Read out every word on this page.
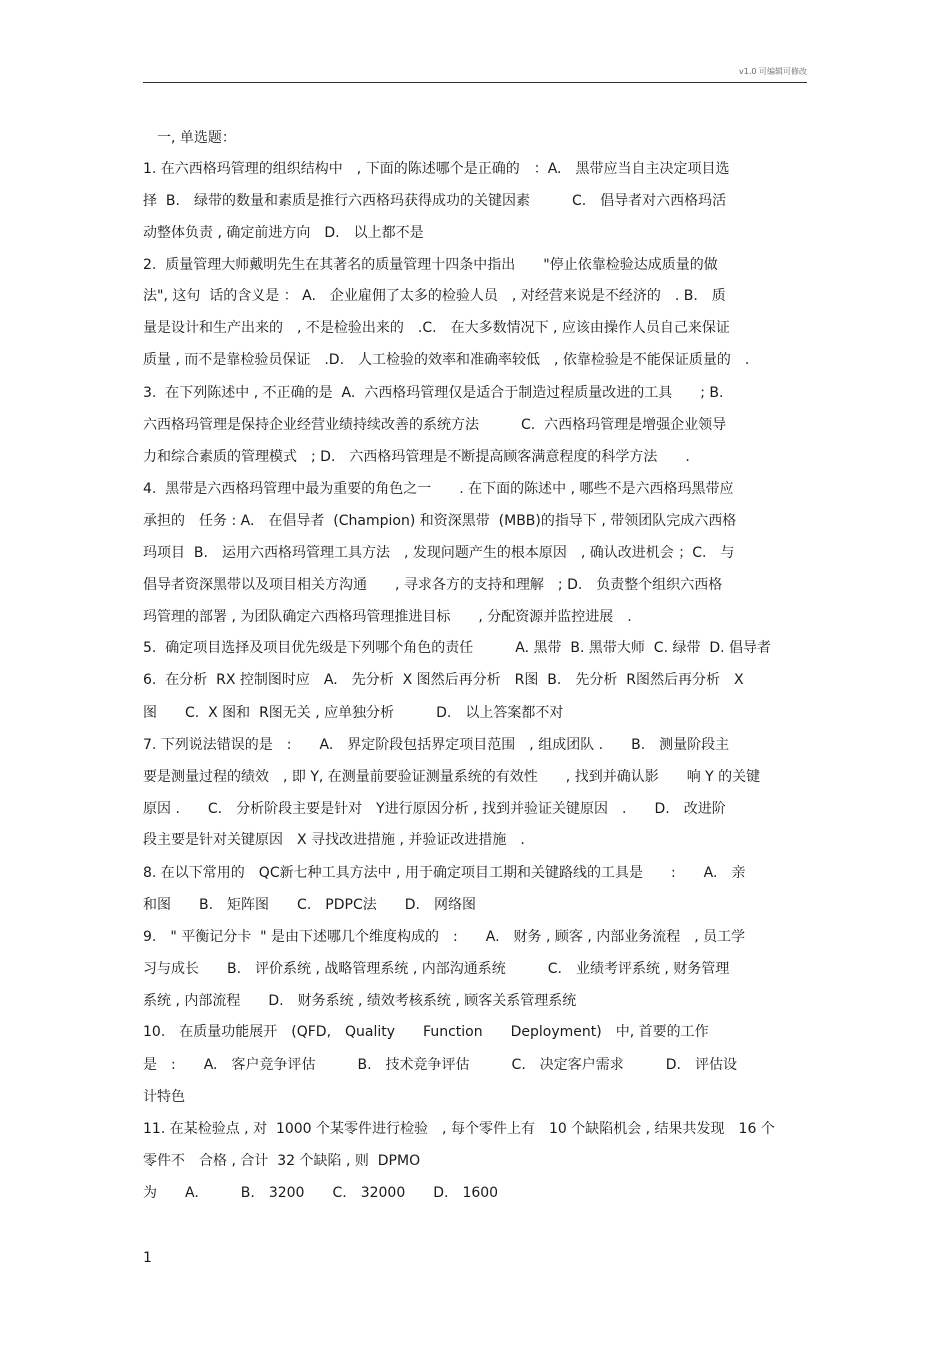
v1.0 可编辑可修改
一, 单选题：
1. 在六西格玛管理的组织结构中　, 下面的陈述哪个是正确的　：A.　黑带应当自主决定项目选
择  B.　绿带的数量和素质是推行六西格玛获得成功的关键因素　　　C.　倡导者对六西格玛活
动整体负责 , 确定前进方向　D.　以上都不是
2.  质量管理大师戴明先生在其著名的质量管理十四条中指出　　"停止依靠检验达成质量的做
法", 这句  话的含义是 ： A.　企业雇佣了太多的检验人员　, 对经营来说是不经济的　. B.　质
量是设计和生产出来的　, 不是检验出来的　.C.　在大多数情况下 , 应该由操作人员自己来保证
质量 , 而不是靠检验员保证　.D.　人工检验的效率和准确率较低　, 依靠检验是不能保证质量的　.
3.  在下列陈述中 , 不正确的是  A.  六西格玛管理仅是适合于制造过程质量改进的工具　　; B.
六西格玛管理是保持企业经营业绩持续改善的系统方法　　　C.  六西格玛管理是增强企业领导
力和综合素质的管理模式　; D.　六西格玛管理是不断提高顾客满意程度的科学方法　　.
4.  黑带是六西格玛管理中最为重要的角色之一　　. 在下面的陈述中 , 哪些不是六西格玛黑带应
承担的　任务 : A.　在倡导者  (Champion) 和资深黑带  (MBB)的指导下 , 带领团队完成六西格
玛项目  B.　运用六西格玛管理工具方法　, 发现问题产生的根本原因　, 确认改进机会 ；C.　与
倡导者资深黑带以及项目相关方沟通　　, 寻求各方的支持和理解　; D.　负责整个组织六西格
玛管理的部署 , 为团队确定六西格玛管理推进目标　　, 分配资源并监控进展　.
5.  确定项目选择及项目优先级是下列哪个角色的责任　　　A. 黑带  B. 黑带大师  C. 绿带  D. 倡导者
6.  在分析  RX 控制图时应　A.　先分析  X 图然后再分析　R图  B.　先分析  R图然后再分析　X
图　　C.  X 图和  R图无关 , 应单独分析　　　D.　以上答案都不对
7. 下列说法错误的是　:　　A.　界定阶段包括界定项目范围　, 组成团队 .　　B.　测量阶段主
要是测量过程的绩效　, 即 Y, 在测量前要验证测量系统的有效性　　, 找到并确认影　　响 Y 的关键
原因 .　　C.　分析阶段主要是针对　Y进行原因分析 , 找到并验证关键原因　.　　D.　改进阶
段主要是针对关键原因　X 寻找改进措施 , 并验证改进措施　.
8. 在以下常用的　QC新七种工具方法中 , 用于确定项目工期和关键路线的工具是　　:　　A.　亲
和图　　B.　矩阵图　　C.　PDPC法　　D.　网络图
9.　" 平衡记分卡  " 是由下述哪几个维度构成的　:　　A.　财务 , 顾客 , 内部业务流程　, 员工学
习与成长　　B.　评价系统 , 战略管理系统 , 内部沟通系统　　　C.　业绩考评系统 , 财务管理
系统 , 内部流程　　D.　财务系统 , 绩效考核系统 , 顾客关系管理系统
10.　在质量功能展开　(QFD,　Quality　　Function　　Deployment)　中, 首要的工作
是　:　　A.　客户竞争评估　　　B.　技术竞争评估　　　C.　决定客户需求　　　D.　评估设
计特色
11. 在某检验点 , 对  1000 个某零件进行检验　, 每个零件上有　10 个缺陷机会 , 结果共发现　16 个
零件不　合格 , 合计  32 个缺陷 , 则  DPMO
为　　A.　　　B.　3200　　C.　32000　　D.　1600
1
